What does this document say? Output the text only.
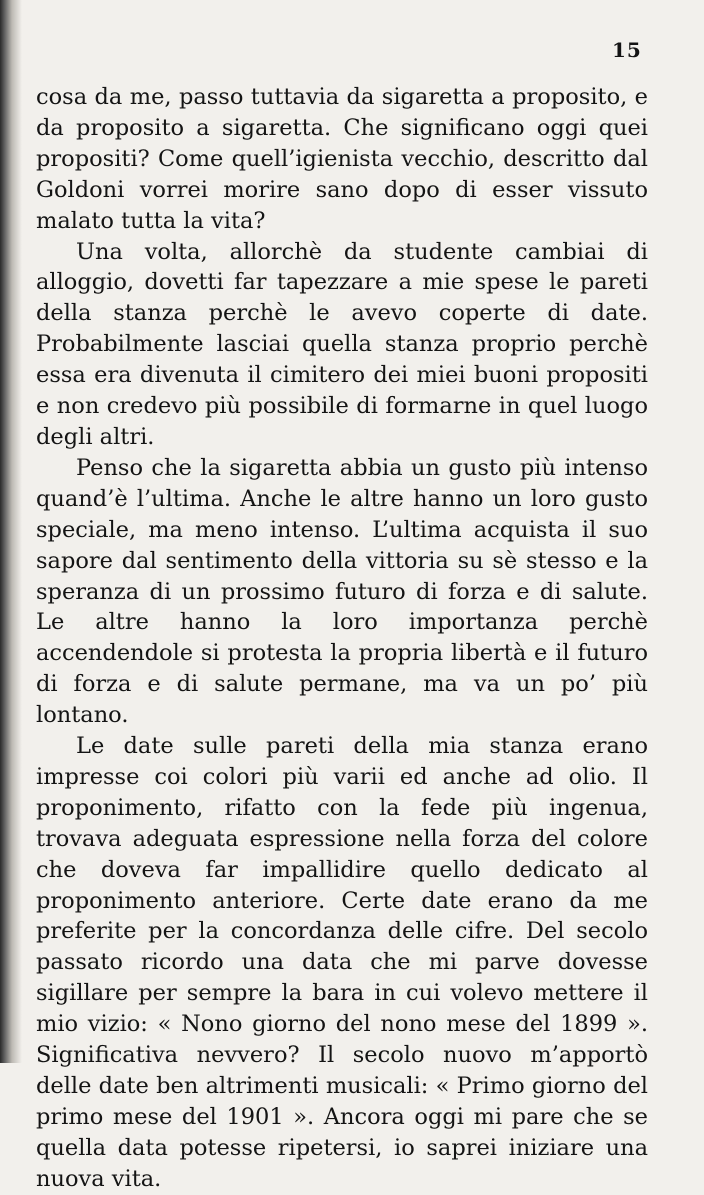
15

cosa da me, passo tuttavia da sigaretta a proposito, e da proposito a sigaretta. Che significano oggi quei propositi? Come quell’igienista vecchio, descritto dal Goldoni vorrei morire sano dopo di esser vissuto malato tutta la vita?

Una volta, allorchè da studente cambiai di alloggio, dovetti far tapezzare a mie spese le pareti della stanza perchè le avevo coperte di date. Probabilmente lasciai quella stanza proprio perchè essa era divenuta il cimitero dei miei buoni propositi e non credevo più possibile di formarne in quel luogo degli altri.

Penso che la sigaretta abbia un gusto più intenso quand’è l’ultima. Anche le altre hanno un loro gusto speciale, ma meno intenso. L’ultima acquista il suo sapore dal sentimento della vittoria su sè stesso e la speranza di un prossimo futuro di forza e di salute. Le altre hanno la loro importanza perchè accendendole si protesta la propria libertà e il futuro di forza e di salute permane, ma va un po’ più lontano.

Le date sulle pareti della mia stanza erano impresse coi colori più varii ed anche ad olio. Il proponimento, rifatto con la fede più ingenua, trovava adeguata espressione nella forza del colore che doveva far impallidire quello dedicato al proponimento anteriore. Certe date erano da me preferite per la concordanza delle cifre. Del secolo passato ricordo una data che mi parve dovesse sigillare per sempre la bara in cui volevo mettere il mio vizio: « Nono giorno del nono mese del 1899 ». Significativa nevvero? Il secolo nuovo m’apportò delle date ben altrimenti musicali: « Primo giorno del primo mese del 1901 ». Ancora oggi mi pare che se quella data potesse ripetersi, io saprei iniziare una nuova vita.
